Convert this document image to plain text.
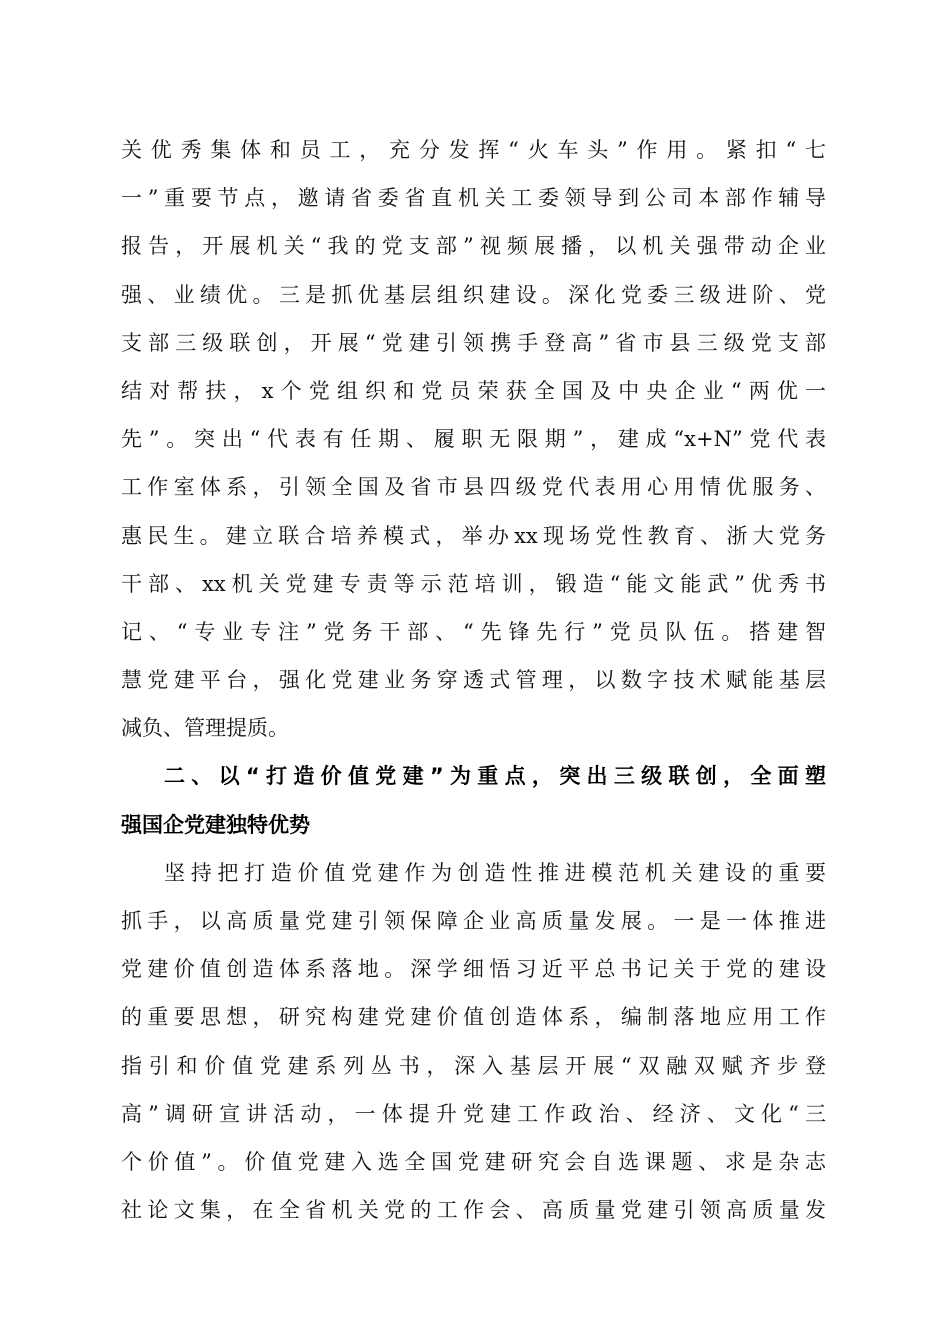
关优秀集体和员工，充分发挥“火车头”作用。紧扣“七
一”重要节点，邀请省委省直机关工委领导到公司本部作辅导
报告，开展机关“我的党支部”视频展播，以机关强带动企业
强、业绩优。三是抓优基层组织建设。深化党委三级进阶、党
支部三级联创，开展“党建引领携手登高”省市县三级党支部
结对帮扶，x个党组织和党员荣获全国及中央企业“两优一
先”。突出“代表有任期、履职无限期”，建成“x+N”党代表
工作室体系，引领全国及省市县四级党代表用心用情优服务、
惠民生。建立联合培养模式，举办xx现场党性教育、浙大党务
干部、xx机关党建专责等示范培训，锻造“能文能武”优秀书
记、“专业专注”党务干部、“先锋先行”党员队伍。搭建智
慧党建平台，强化党建业务穿透式管理，以数字技术赋能基层
减负、管理提质。
二、以“打造价值党建”为重点，突出三级联创，全面塑
强国企党建独特优势
坚持把打造价值党建作为创造性推进模范机关建设的重要
抓手，以高质量党建引领保障企业高质量发展。一是一体推进
党建价值创造体系落地。深学细悟习近平总书记关于党的建设
的重要思想，研究构建党建价值创造体系，编制落地应用工作
指引和价值党建系列丛书，深入基层开展“双融双赋齐步登
高”调研宣讲活动，一体提升党建工作政治、经济、文化“三
个价值”。价值党建入选全国党建研究会自选课题、求是杂志
社论文集，在全省机关党的工作会、高质量党建引领高质量发
